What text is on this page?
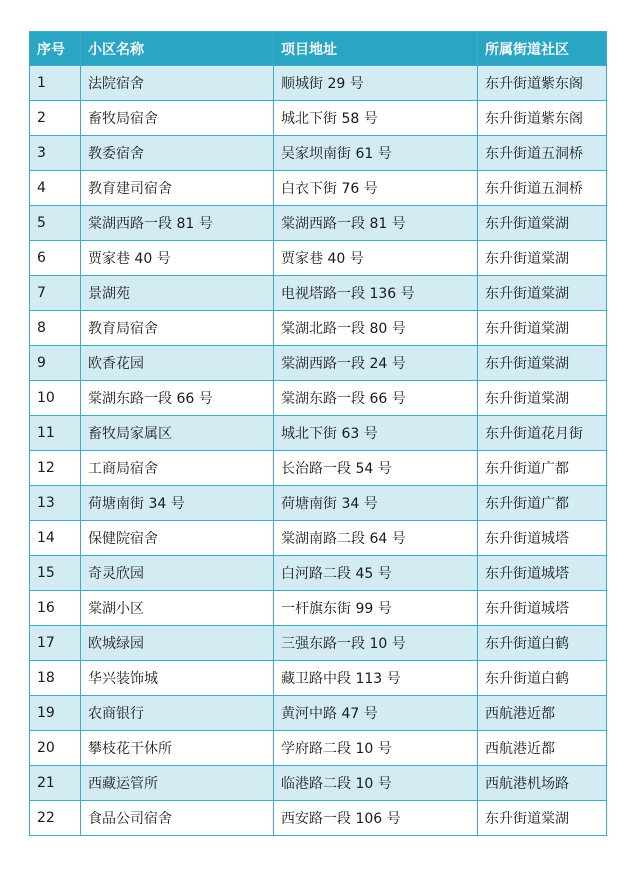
序号	小区名称	项目地址	所属街道社区
1	法院宿舍	顺城街 29 号	东升街道紫东阁
2	畜牧局宿舍	城北下街 58 号	东升街道紫东阁
3	教委宿舍	吴家坝南街 61 号	东升街道五洞桥
4	教育建司宿舍	白衣下街 76 号	东升街道五洞桥
5	棠湖西路一段 81 号	棠湖西路一段 81 号	东升街道棠湖
6	贾家巷 40 号	贾家巷 40 号	东升街道棠湖
7	景湖苑	电视塔路一段 136 号	东升街道棠湖
8	教育局宿舍	棠湖北路一段 80 号	东升街道棠湖
9	欧香花园	棠湖西路一段 24 号	东升街道棠湖
10	棠湖东路一段 66 号	棠湖东路一段 66 号	东升街道棠湖
11	畜牧局家属区	城北下街 63 号	东升街道花月街
12	工商局宿舍	长治路一段 54 号	东升街道广都
13	荷塘南街 34 号	荷塘南街 34 号	东升街道广都
14	保健院宿舍	棠湖南路二段 64 号	东升街道城塔
15	奇灵欣园	白河路二段 45 号	东升街道城塔
16	棠湖小区	一杆旗东街 99 号	东升街道城塔
17	欧城绿园	三强东路一段 10 号	东升街道白鹤
18	华兴装饰城	藏卫路中段 113 号	东升街道白鹤
19	农商银行	黄河中路 47 号	西航港近都
20	攀枝花干休所	学府路二段 10 号	西航港近都
21	西藏运管所	临港路二段 10 号	西航港机场路
22	食品公司宿舍	西安路一段 106 号	东升街道棠湖
